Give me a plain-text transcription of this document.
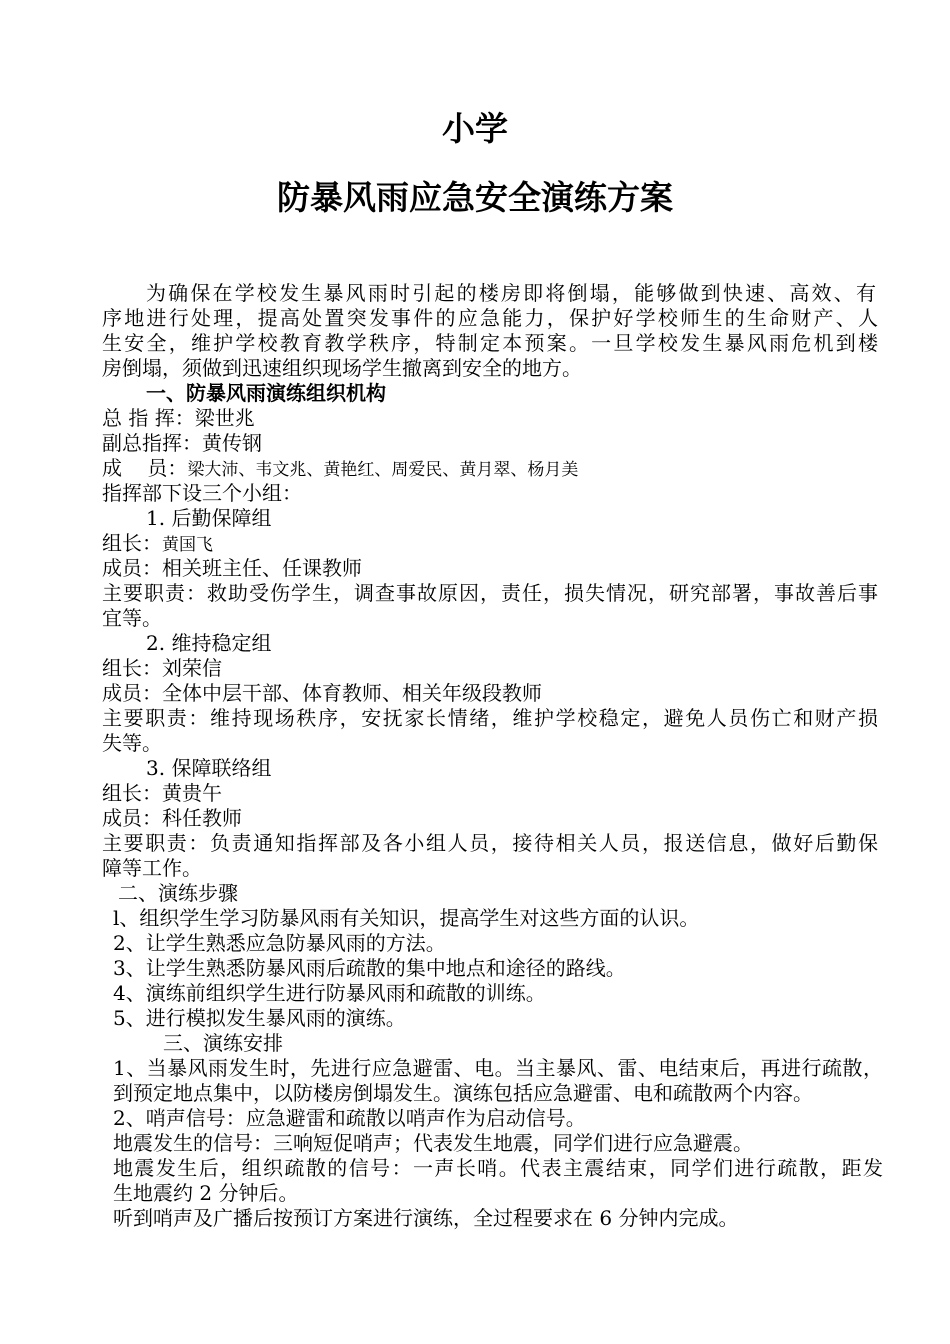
小学
防暴风雨应急安全演练方案
为确保在学校发生暴风雨时引起的楼房即将倒塌，能够做到快速、高效、有
序地进行处理，提高处置突发事件的应急能力，保护好学校师生的生命财产、人
生安全，维护学校教育教学秩序，特制定本预案。一旦学校发生暴风雨危机到楼
房倒塌，须做到迅速组织现场学生撤离到安全的地方。
一、防暴风雨演练组织机构
总 指 挥：梁世兆
副总指挥：黄传钢
成    员：梁大沛、韦文兆、黄艳红、周爱民、黄月翠、杨月美
指挥部下设三个小组：
1. 后勤保障组
组长：黄国飞
成员：相关班主任、任课教师
主要职责：救助受伤学生，调查事故原因，责任，损失情况，研究部署，事故善后事
宜等。
2. 维持稳定组
组长：刘荣信
成员：全体中层干部、体育教师、相关年级段教师
主要职责：维持现场秩序，安抚家长情绪，维护学校稳定，避免人员伤亡和财产损
失等。
3. 保障联络组
组长：黄贵午
成员：科任教师
主要职责：负责通知指挥部及各小组人员，接待相关人员，报送信息，做好后勤保
障等工作。
二、演练步骤
l、组织学生学习防暴风雨有关知识，提高学生对这些方面的认识。
2、让学生熟悉应急防暴风雨的方法。
3、让学生熟悉防暴风雨后疏散的集中地点和途径的路线。
4、演练前组织学生进行防暴风雨和疏散的训练。
5、进行模拟发生暴风雨的演练。
三、演练安排
1、当暴风雨发生时，先进行应急避雷、电。当主暴风、雷、电结束后，再进行疏散，
到预定地点集中，以防楼房倒塌发生。演练包括应急避雷、电和疏散两个内容。
2、哨声信号：应急避雷和疏散以哨声作为启动信号。
地震发生的信号：三响短促哨声；代表发生地震，同学们进行应急避震。
地震发生后，组织疏散的信号：一声长哨。代表主震结束，同学们进行疏散，距发
生地震约 2 分钟后。
听到哨声及广播后按预订方案进行演练，全过程要求在 6 分钟内完成。
